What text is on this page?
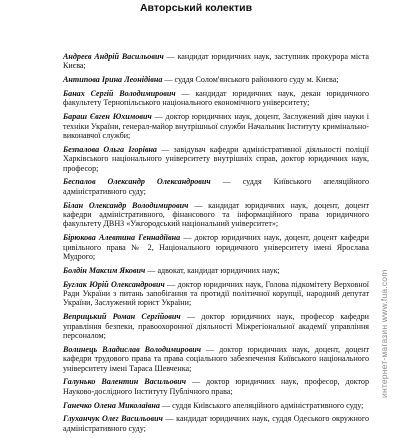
Авторський колектив

Андреєв Андрій Васильович — кандидат юридичних наук, заступник прокурора міста Києва;

Антипова Ірина Леонідівна — суддя Солом'янського районного суду м. Києва;

Банах Сергій Володимирович — кандидат юридичних наук, декан юридичного факультету Тернопільського національного економічного університету;

Бараш Євген Юхимович — доктор юридичних наук, доцент, Заслужений діяч науки і техніки України, генерал-майор внутрішньої служби Начальник Інституту кримінально-виконавчої служби;

Безпалова Ольга Ігорівна — завідувач кафедри адміністративної діяльності поліції Харківського національного університету внутрішніх справ, доктор юридичних наук, професор;

Беспалов Олександр Олександрович — суддя Київського апеляційного адміністративного суду;

Білан Олександр Володимирович — кандидат юридичних наук, доцент, доцент кафедри адміністративного, фінансового та інформаційного права юридичного факультету ДВНЗ «Ужгородський національний університет»;

Бірюкова Алевтина Геннадіївна — доктор юридичних наук, доцент, доцент кафедри цивільного права № 2, Національного юридичного університету імені Ярослава Мудрого;

Болдін Максим Якович — адвокат, кандидат юридичних наук;

Буглак Юрій Олександрович — доктор юридичних наук, Голова підкомітету Верховної Ради України з питань запобігання та протидії політичної корупції, народний депутат України, Заслужений юрист України;

Веприцький Роман Сергійович — доктор юридичних наук, професор кафедри управління безпеки, правоохоронної діяльності Міжрегіональної академії управління персоналом;

Волинець Владислав Володимирович — доктор юридичних наук, доцент, доцент кафедри трудового права та права соціального забезпечення Київського національного університету імені Тараса Шевченка;

Галунько Валентин Васильович — доктор юридичних наук, професор, доктор Науково-дослідного Інституту Публічного права;

Ганечко Олена Миколаївна — суддя Київського апеляційного адміністративного суду;

Глуханчук Олег Васильович — кандидат юридичних наук, суддя Одеського окружного адміністративного суду;

интернет-магазин www.fua.com
